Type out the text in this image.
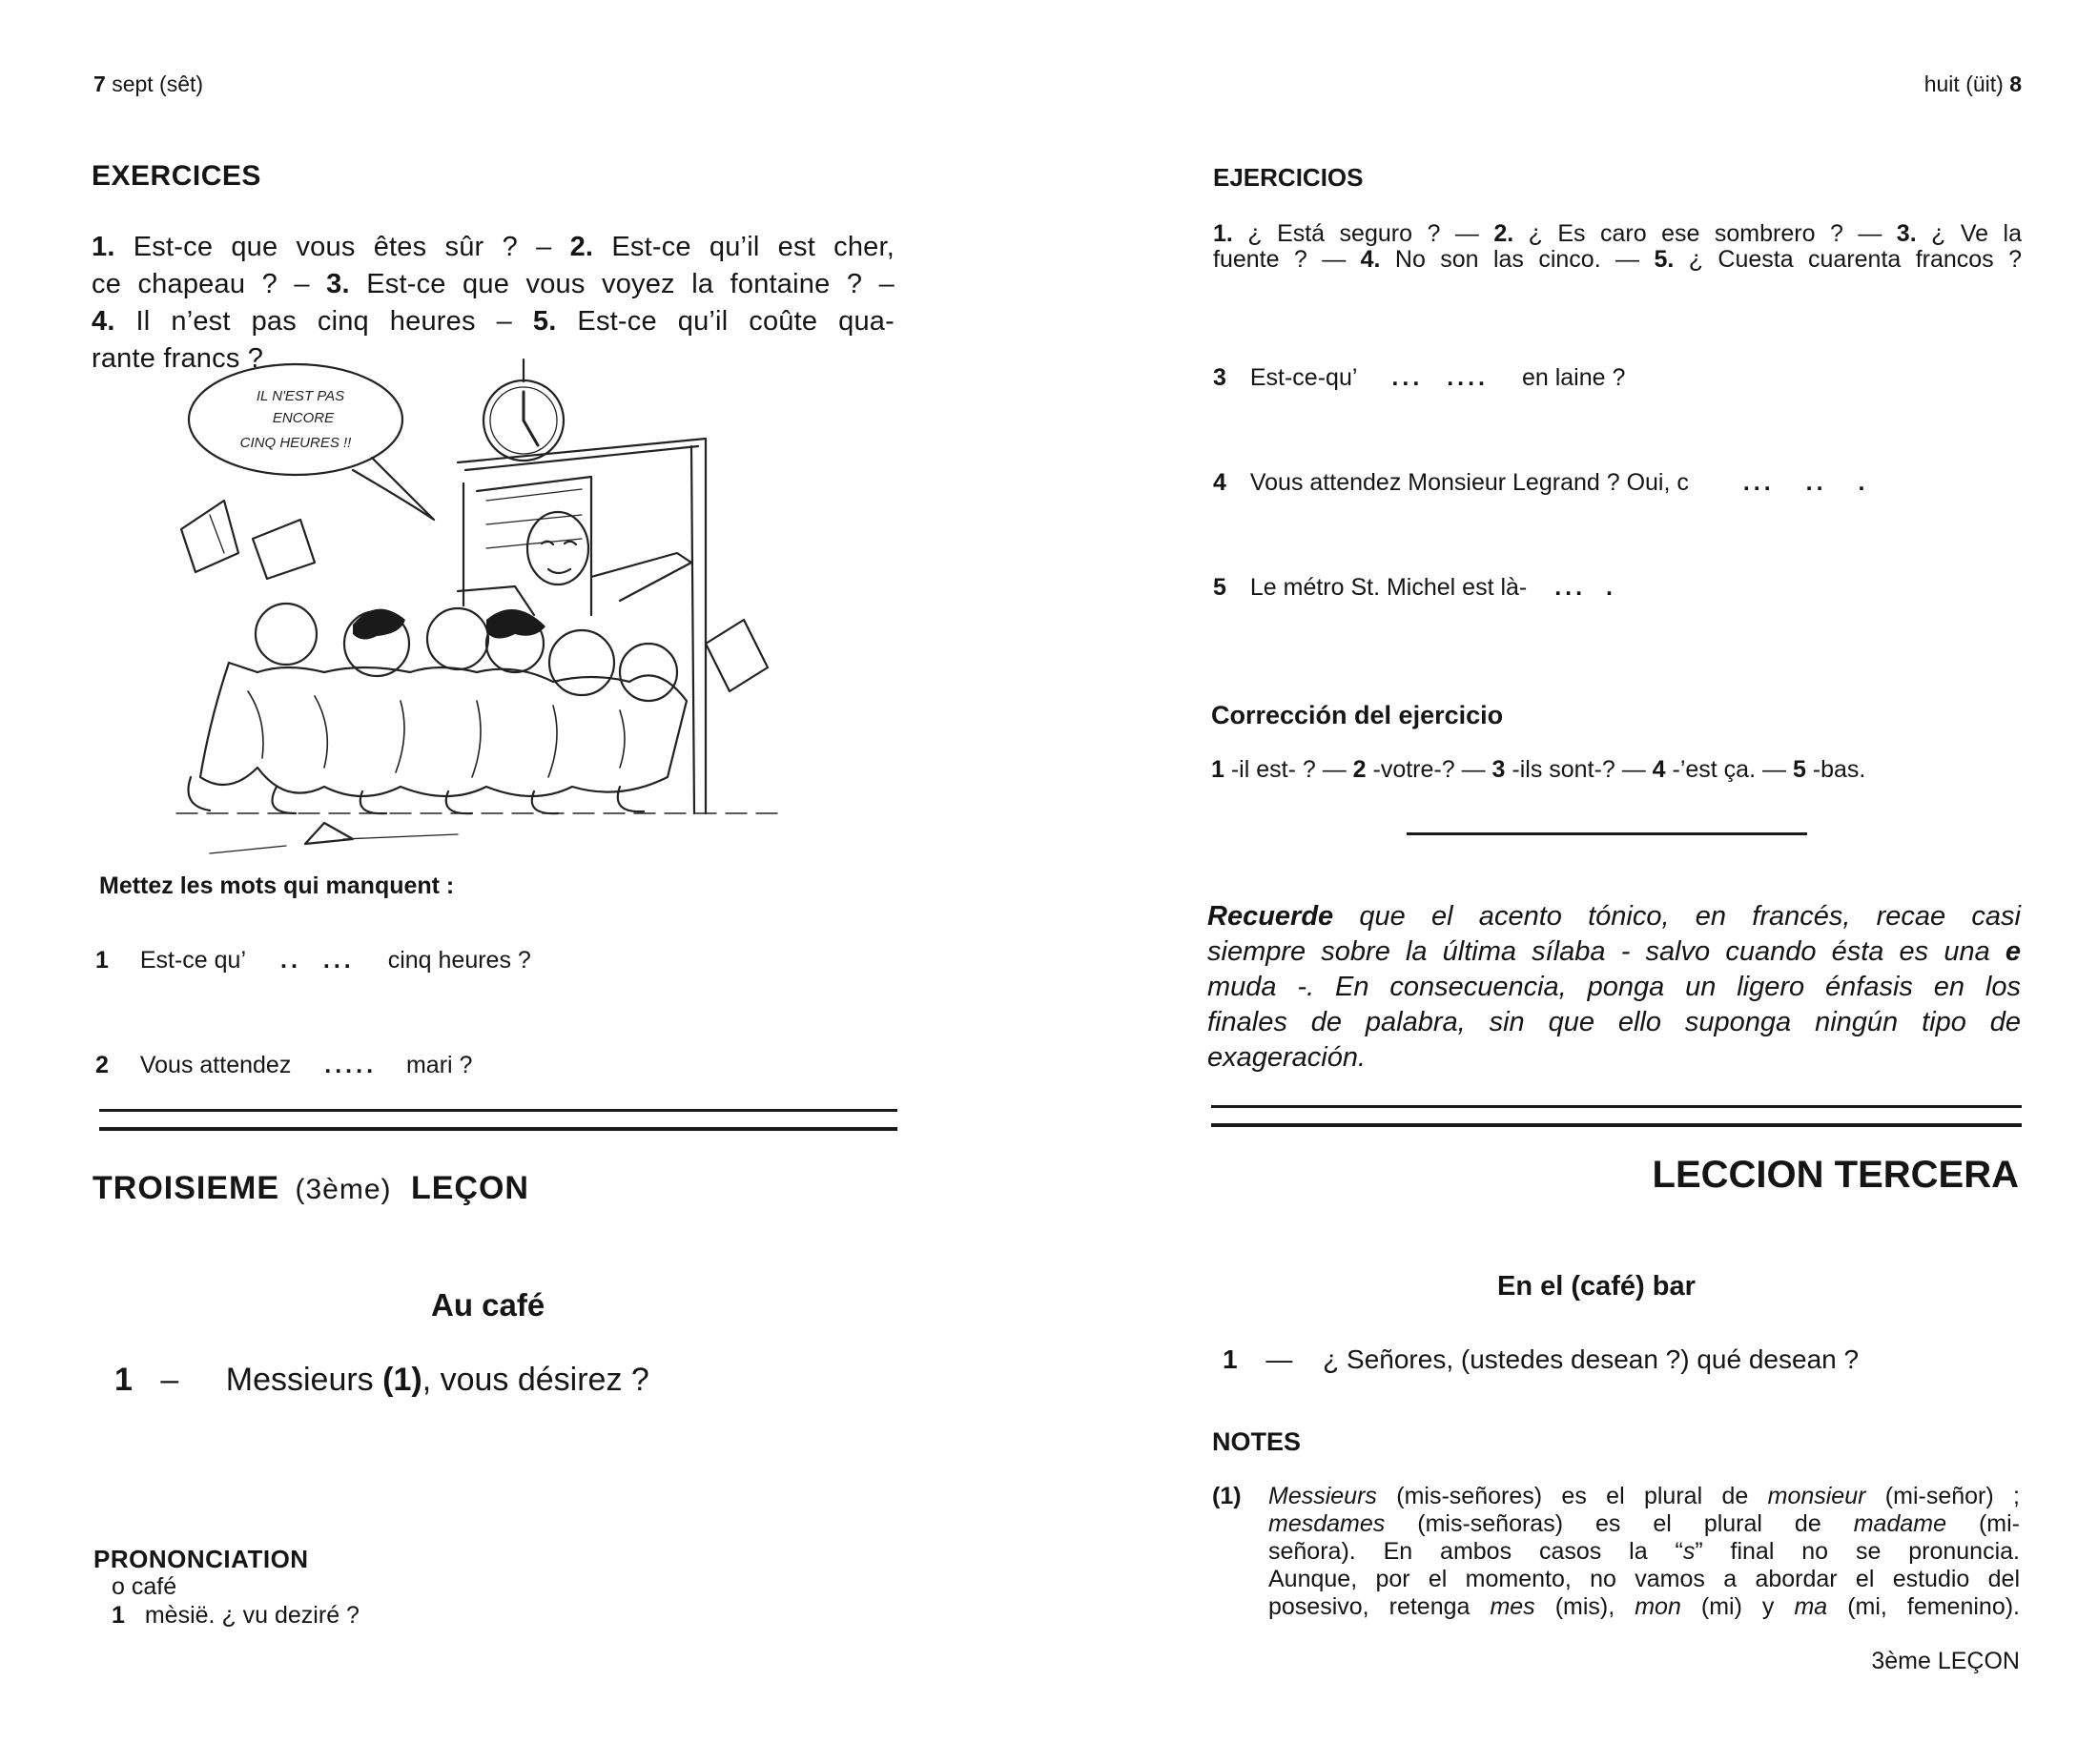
7 sept (sêt)
EXERCICES
1. Est-ce que vous êtes sûr ? – 2. Est-ce qu’il est cher,
ce chapeau ? – 3. Est-ce que vous voyez la fontaine ? –
4. Il n’est pas cinq heures – 5. Est-ce qu’il coûte qua-
rante francs ?
IL N'EST PAS
ENCORE
CINQ HEURES !!
Mettez les mots qui manquent :
1 Est-ce qu’ .. ... cinq heures ?
2 Vous attendez ..... mari ?
TROISIEME (3ème) LEÇON
Au café
1 – Messieurs (1), vous désirez ?
PRONONCIATION
o café
1 mèsië. ¿ vu deziré ?
huit (üit) 8
EJERCICIOS
1. ¿ Está seguro ? — 2. ¿ Es caro ese sombrero ? — 3. ¿ Ve la
fuente ? — 4. No son las cinco. — 5. ¿ Cuesta cuarenta francos ?
3 Est-ce-qu’ ... .... en laine ?
4 Vous attendez Monsieur Legrand ? Oui, c ... .. .
5 Le métro St. Michel est là- ... .
Corrección del ejercicio
1 -il est- ? — 2 -votre-? — 3 -ils sont-? — 4 -’est ça. — 5 -bas.
Recuerde que el acento tónico, en francés, recae casi
siempre sobre la última sílaba - salvo cuando ésta es una e
muda -. En consecuencia, ponga un ligero énfasis en los
finales de palabra, sin que ello suponga ningún tipo de
exageración.
LECCION TERCERA
En el (café) bar
1 — ¿ Señores, (ustedes desean ?) qué desean ?
NOTES
(1) Messieurs (mis-señores) es el plural de monsieur (mi-señor) ;
mesdames (mis-señoras) es el plural de madame (mi-
señora). En ambos casos la “s” final no se pronuncia.
Aunque, por el momento, no vamos a abordar el estudio del
posesivo, retenga mes (mis), mon (mi) y ma (mi, femenino).
3ème LEÇON
